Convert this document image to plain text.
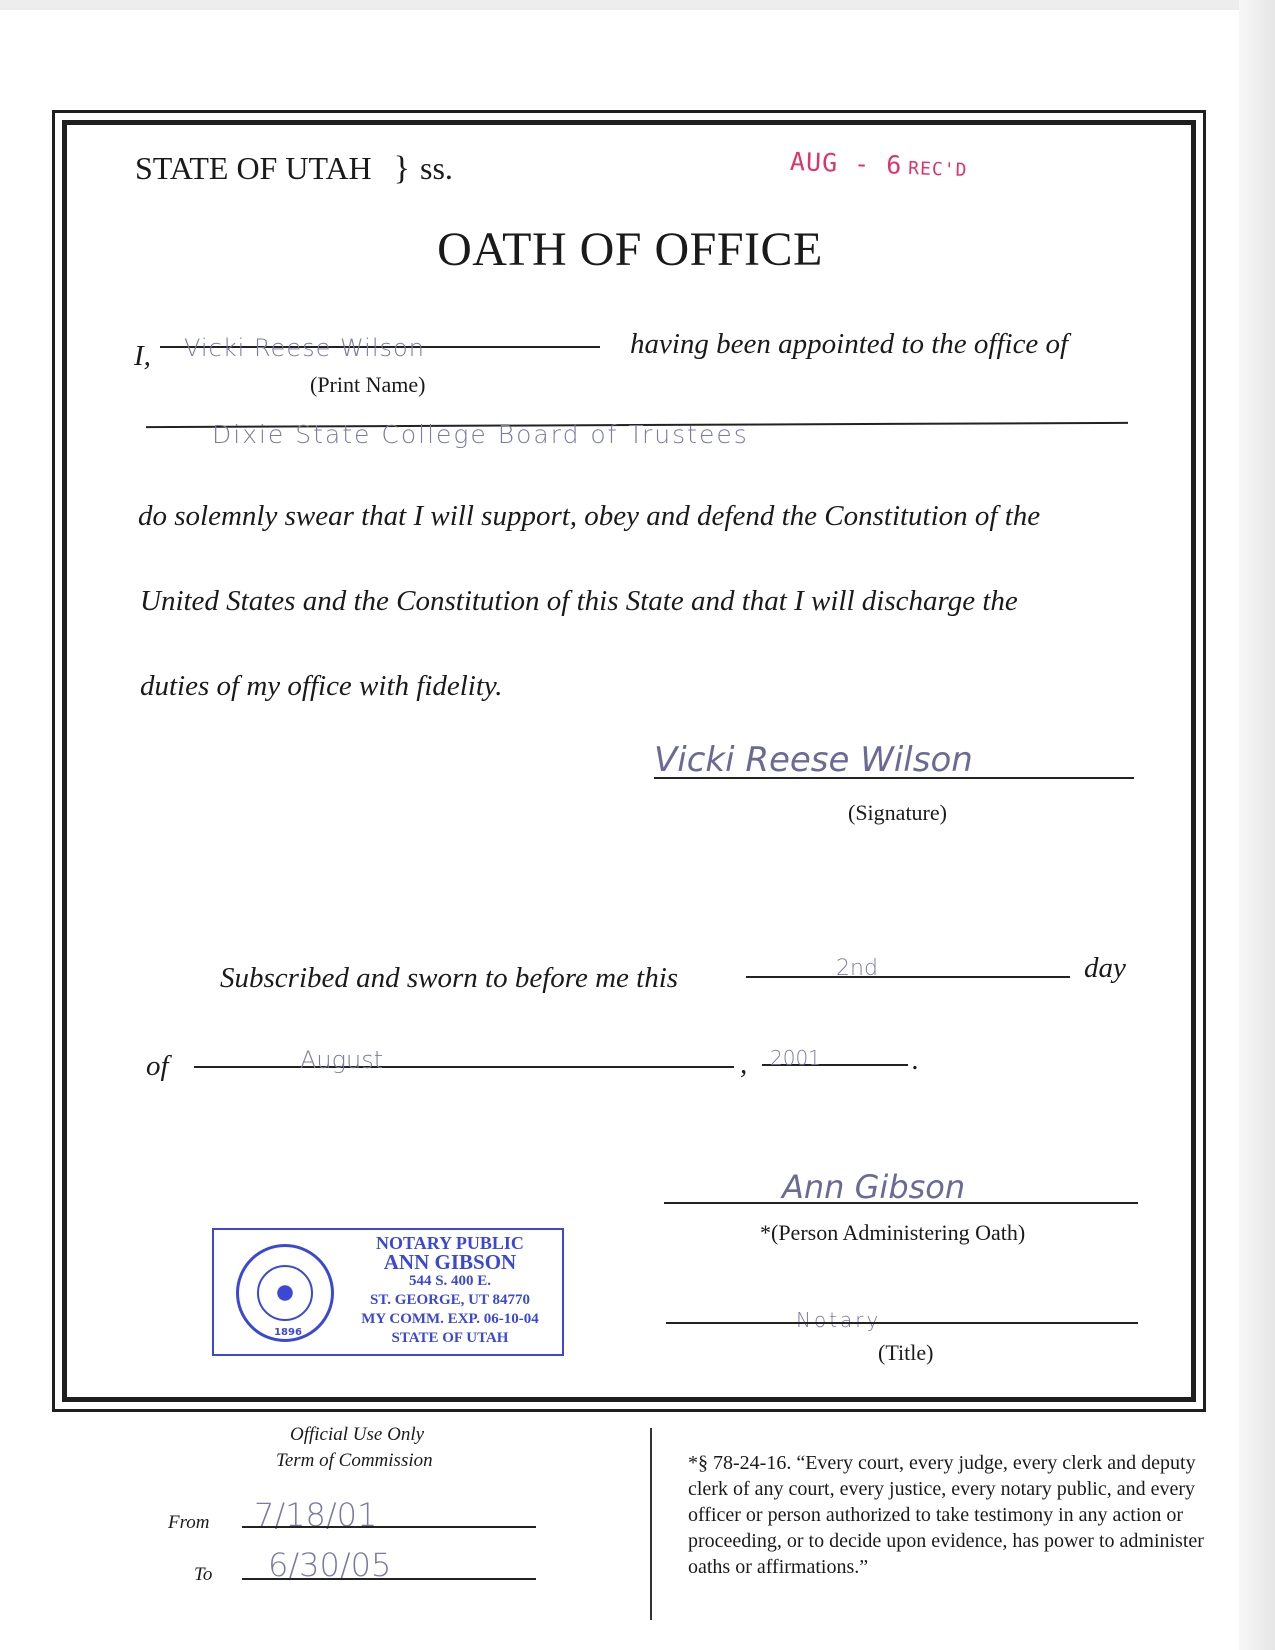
STATE OF UTAH } ss.	AUG - 6 REC'D
OATH OF OFFICE
I, Vicki Reese Wilson
(Print Name)
having been appointed to the office of
Dixie State College Board of Trustees
do solemnly swear that I will support, obey and defend the Constitution of the
United States and the Constitution of this State and that I will discharge the
duties of my office with fidelity.
Vicki Reese Wilson
(Signature)
Subscribed and sworn to before me this	2nd	day
of	August	, 2001	.
Ann Gibson
*(Person Administering Oath)
Notary
(Title)
1896
NOTARY PUBLIC
ANN GIBSON
544 S. 400 E.
ST. GEORGE, UT 84770
MY COMM. EXP. 06-10-04
STATE OF UTAH
Official Use Only
Term of Commission
From 7/18/01
To 6/30/05
*§ 78-24-16. “Every court, every judge, every clerk and deputy clerk of any court, every justice, every notary public, and every officer or person authorized to take testimony in any action or proceeding, or to decide upon evidence, has power to administer oaths or affirmations.”
